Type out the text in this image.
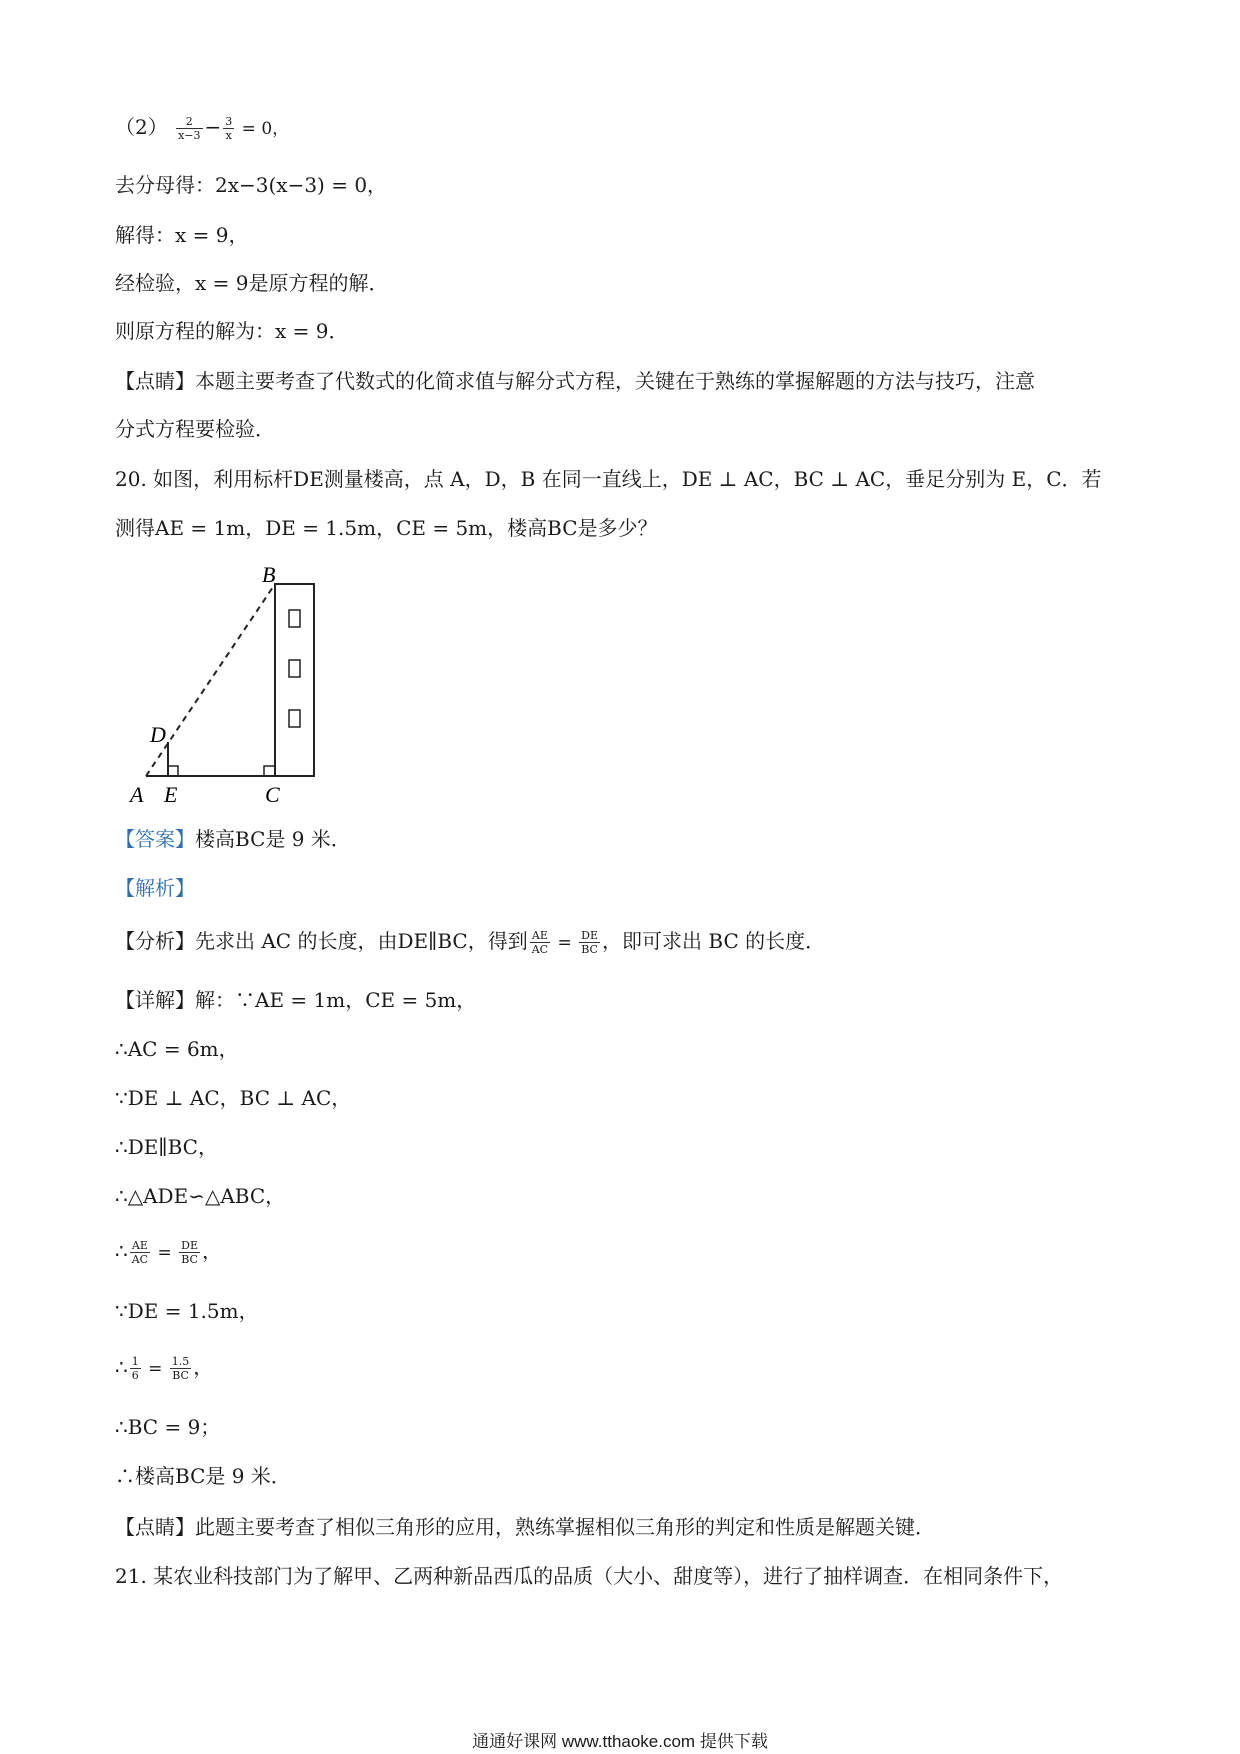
$(2) \frac{2}{x-3} - \frac{3}{x} = 0$，
去分母得：2x−3(x−3) = 0，
解得：x = 9，
经检验，x = 9是原方程的解．
则原方程的解为：x = 9．
【点睛】本题主要考查了代数式的化简求值与解分式方程，关键在于熟练的掌握解题的方法与技巧，注意
分式方程要检验．
20. 如图，利用标杆DE测量楼高，点 A，D，B 在同一直线上，DE ⊥ AC，BC ⊥ AC，垂足分别为 E，C．若
测得AE = 1m，DE = 1.5m，CE = 5m，楼高BC是多少？
B
D
A E	C
【答案】楼高BC是 9 米．
【解析】
【分析】先求出 AC 的长度，由DE∥BC，得到 $\frac{AE}{AC} = \frac{DE}{BC}$ ，即可求出 BC 的长度．
【详解】解：∵AE = 1m，CE = 5m，
∴AC = 6m，
∵DE ⊥ AC，BC ⊥ AC，
∴DE∥BC，
∴△ADE∽△ABC，
∴ $\frac{AE}{AC} = \frac{DE}{BC}$ ，
∵DE = 1.5m，
∴ $\frac{1}{6} = \frac{1.5}{BC}$ ，
∴BC = 9；
∴楼高BC是 9 米．
【点睛】此题主要考查了相似三角形的应用，熟练掌握相似三角形的判定和性质是解题关键．
21. 某农业科技部门为了解甲、乙两种新品西瓜的品质（大小、甜度等），进行了抽样调查．在相同条件下，
通通好课网 www.tthaoke.com 提供下载
